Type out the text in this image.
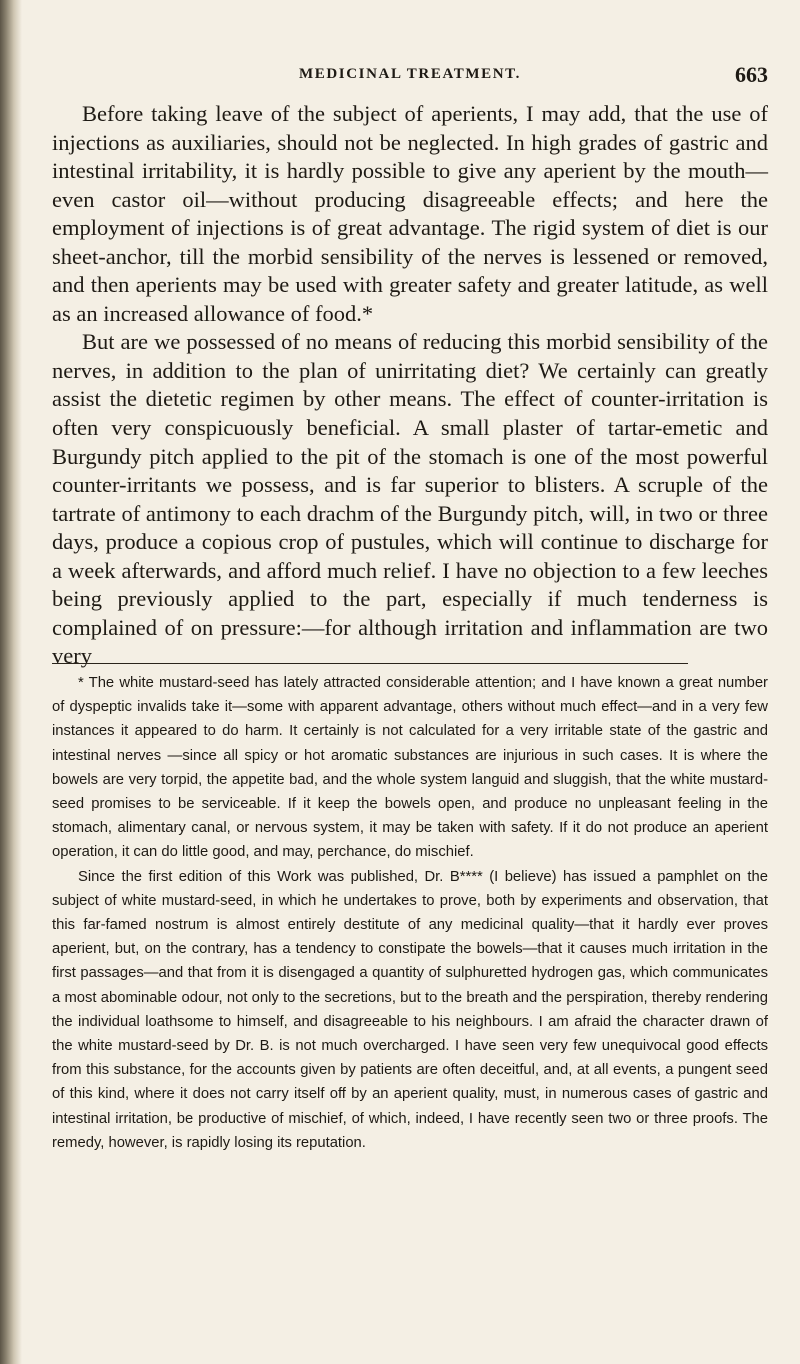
MEDICINAL TREATMENT.	663

Before taking leave of the subject of aperients, I may add, that the use of injections as auxiliaries, should not be neglected. In high grades of gastric and intestinal irritability, it is hardly possible to give any aperient by the mouth—even castor oil—without producing disagreeable effects; and here the employment of injections is of great advantage. The rigid system of diet is our sheet-anchor, till the morbid sensibility of the nerves is lessened or removed, and then aperients may be used with greater safety and greater latitude, as well as an increased allowance of food.*

But are we possessed of no means of reducing this morbid sensibility of the nerves, in addition to the plan of unirritating diet? We certainly can greatly assist the dietetic regimen by other means. The effect of counter-irritation is often very conspicuously beneficial. A small plaster of tartar-emetic and Burgundy pitch applied to the pit of the stomach is one of the most powerful counter-irritants we possess, and is far superior to blisters. A scruple of the tartrate of antimony to each drachm of the Burgundy pitch, will, in two or three days, produce a copious crop of pustules, which will continue to discharge for a week afterwards, and afford much relief. I have no objection to a few leeches being previously applied to the part, especially if much tenderness is complained of on pressure:—for although irritation and inflammation are two very

* The white mustard-seed has lately attracted considerable attention; and I have known a great number of dyspeptic invalids take it—some with apparent advantage, others without much effect—and in a very few instances it appeared to do harm. It certainly is not calculated for a very irritable state of the gastric and intestinal nerves —since all spicy or hot aromatic substances are injurious in such cases. It is where the bowels are very torpid, the appetite bad, and the whole system languid and sluggish, that the white mustard-seed promises to be serviceable. If it keep the bowels open, and produce no unpleasant feeling in the stomach, alimentary canal, or nervous system, it may be taken with safety. If it do not produce an aperient operation, it can do little good, and may, perchance, do mischief.

Since the first edition of this Work was published, Dr. B**** (I believe) has issued a pamphlet on the subject of white mustard-seed, in which he undertakes to prove, both by experiments and observation, that this far-famed nostrum is almost entirely destitute of any medicinal quality—that it hardly ever proves aperient, but, on the contrary, has a tendency to constipate the bowels—that it causes much irritation in the first passages—and that from it is disengaged a quantity of sulphuretted hydrogen gas, which communicates a most abominable odour, not only to the secretions, but to the breath and the perspiration, thereby rendering the individual loathsome to himself, and disagreeable to his neighbours. I am afraid the character drawn of the white mustard-seed by Dr. B. is not much overcharged. I have seen very few unequivocal good effects from this substance, for the accounts given by patients are often deceitful, and, at all events, a pungent seed of this kind, where it does not carry itself off by an aperient quality, must, in numerous cases of gastric and intestinal irritation, be productive of mischief, of which, indeed, I have recently seen two or three proofs. The remedy, however, is rapidly losing its reputation.
